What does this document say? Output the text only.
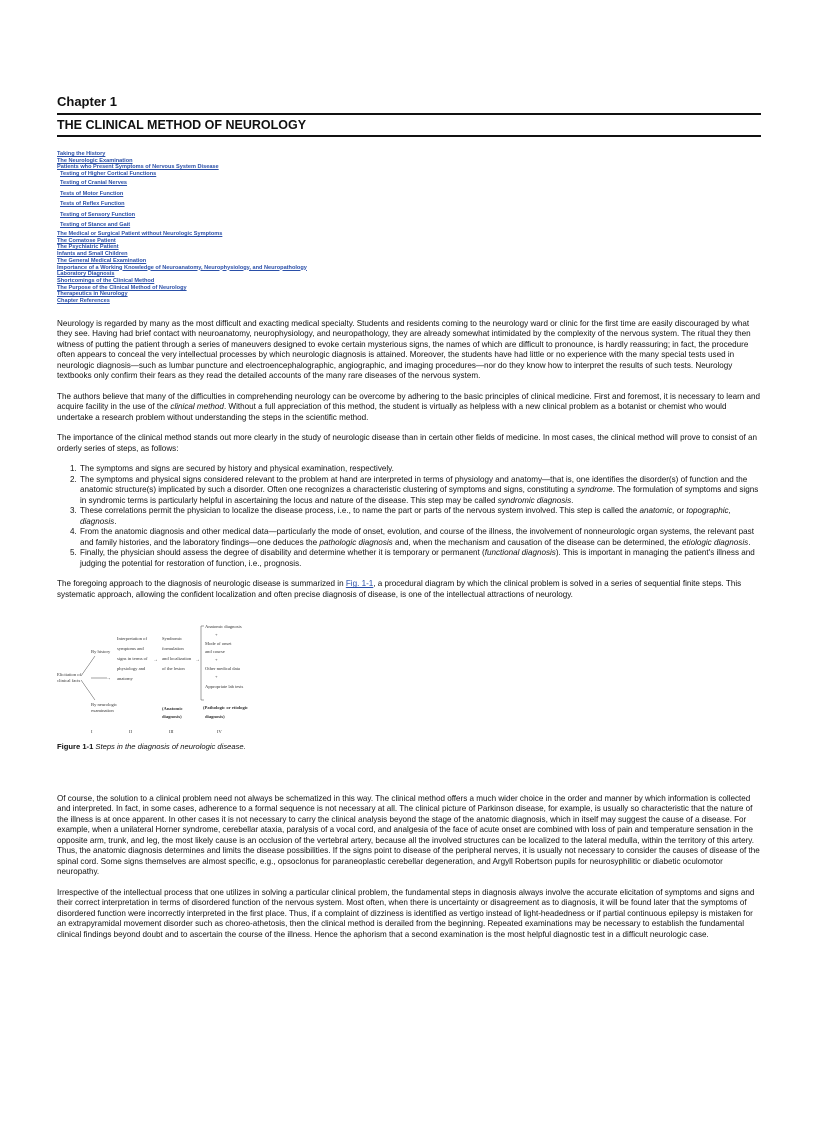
Chapter 1
THE CLINICAL METHOD OF NEUROLOGY
Taking the History
The Neurologic Examination
Patients who Present Symptoms of Nervous System Disease
Testing of Higher Cortical Functions
Testing of Cranial Nerves
Tests of Motor Function
Tests of Reflex Function
Testing of Sensory Function
Testing of Stance and Gait
The Medical or Surgical Patient without Neurologic Symptoms
The Comatose Patient
The Psychiatric Patient
Infants and Small Children
The General Medical Examination
Importance of a Working Knowledge of Neuroanatomy, Neurophysiology, and Neuropathology
Laboratory Diagnosis
Shortcomings of the Clinical Method
The Purpose of the Clinical Method of Neurology
Therapeutics in Neurology
Chapter References

Neurology is regarded by many as the most difficult and exacting medical specialty. Students and residents coming to the neurology ward or clinic for the first time are easily discouraged by what they see. Having had brief contact with neuroanatomy, neurophysiology, and neuropathology, they are already somewhat intimidated by the complexity of the nervous system. The ritual they then witness of putting the patient through a series of maneuvers designed to evoke certain mysterious signs, the names of which are difficult to pronounce, is hardly reassuring; in fact, the procedure often appears to conceal the very intellectual processes by which neurologic diagnosis is attained. Moreover, the students have had little or no experience with the many special tests used in neurologic diagnosis—such as lumbar puncture and electroencephalographic, angiographic, and imaging procedures—nor do they know how to interpret the results of such tests. Neurology textbooks only confirm their fears as they read the detailed accounts of the many rare diseases of the nervous system.

The authors believe that many of the difficulties in comprehending neurology can be overcome by adhering to the basic principles of clinical medicine. First and foremost, it is necessary to learn and acquire facility in the use of the clinical method. Without a full appreciation of this method, the student is virtually as helpless with a new clinical problem as a botanist or chemist who would undertake a research problem without understanding the steps in the scientific method.

The importance of the clinical method stands out more clearly in the study of neurologic disease than in certain other fields of medicine. In most cases, the clinical method will prove to consist of an orderly series of steps, as follows:

1. The symptoms and signs are secured by history and physical examination, respectively.
2. The symptoms and physical signs considered relevant to the problem at hand are interpreted in terms of physiology and anatomy—that is, one identifies the disorder(s) of function and the anatomic structure(s) implicated by such a disorder. Often one recognizes a characteristic clustering of symptoms and signs, constituting a syndrome. The formulation of symptoms and signs in syndromic terms is particularly helpful in ascertaining the locus and nature of the disease. This step may be called syndromic diagnosis.
3. These correlations permit the physician to localize the disease process, i.e., to name the part or parts of the nervous system involved. This step is called the anatomic, or topographic, diagnosis.
4. From the anatomic diagnosis and other medical data—particularly the mode of onset, evolution, and course of the illness, the involvement of nonneurologic organ systems, the relevant past and family histories, and the laboratory findings—one deduces the pathologic diagnosis and, when the mechanism and causation of the disease can be determined, the etiologic diagnosis.
5. Finally, the physician should assess the degree of disability and determine whether it is temporary or permanent (functional diagnosis). This is important in managing the patient's illness and judging the potential for restoration of function, i.e., prognosis.

The foregoing approach to the diagnosis of neurologic disease is summarized in Fig. 1-1, a procedural diagram by which the clinical problem is solved in a series of sequential finite steps. This systematic approach, allowing the confident localization and often precise diagnosis of disease, is one of the intellectual attractions of neurology.

Elicitation of
clinical facts
By history
By neurologic
examination
→
Interpretation of
symptoms and
signs in terms of
physiology and
anatomy
→
Syndromic
formulation
and localization
of the lesion
(Anatomic
diagnosis)
→
Anatomic diagnosis
+
Mode of onset
and course
+
Other medical data
+
Appropriate lab tests
(Pathologic or etiologic
diagnosis)
I	II	III	IV

Figure 1-1 Steps in the diagnosis of neurologic disease.

Of course, the solution to a clinical problem need not always be schematized in this way. The clinical method offers a much wider choice in the order and manner by which information is collected and interpreted. In fact, in some cases, adherence to a formal sequence is not necessary at all. The clinical picture of Parkinson disease, for example, is usually so characteristic that the nature of the illness is at once apparent. In other cases it is not necessary to carry the clinical analysis beyond the stage of the anatomic diagnosis, which in itself may suggest the cause of a disease. For example, when a unilateral Horner syndrome, cerebellar ataxia, paralysis of a vocal cord, and analgesia of the face of acute onset are combined with loss of pain and temperature sensation in the opposite arm, trunk, and leg, the most likely cause is an occlusion of the vertebral artery, because all the involved structures can be localized to the lateral medulla, within the territory of this artery. Thus, the anatomic diagnosis determines and limits the disease possibilities. If the signs point to disease of the peripheral nerves, it is usually not necessary to consider the causes of disease of the spinal cord. Some signs themselves are almost specific, e.g., opsoclonus for paraneoplastic cerebellar degeneration, and Argyll Robertson pupils for neurosyphilitic or diabetic oculomotor neuropathy.

Irrespective of the intellectual process that one utilizes in solving a particular clinical problem, the fundamental steps in diagnosis always involve the accurate elicitation of symptoms and signs and their correct interpretation in terms of disordered function of the nervous system. Most often, when there is uncertainty or disagreement as to diagnosis, it will be found later that the symptoms of disordered function were incorrectly interpreted in the first place. Thus, if a complaint of dizziness is identified as vertigo instead of light-headedness or if partial continuous epilepsy is mistaken for an extrapyramidal movement disorder such as choreo-athetosis, then the clinical method is derailed from the beginning. Repeated examinations may be necessary to establish the fundamental clinical findings beyond doubt and to ascertain the course of the illness. Hence the aphorism that a second examination is the most helpful diagnostic test in a difficult neurologic case.
